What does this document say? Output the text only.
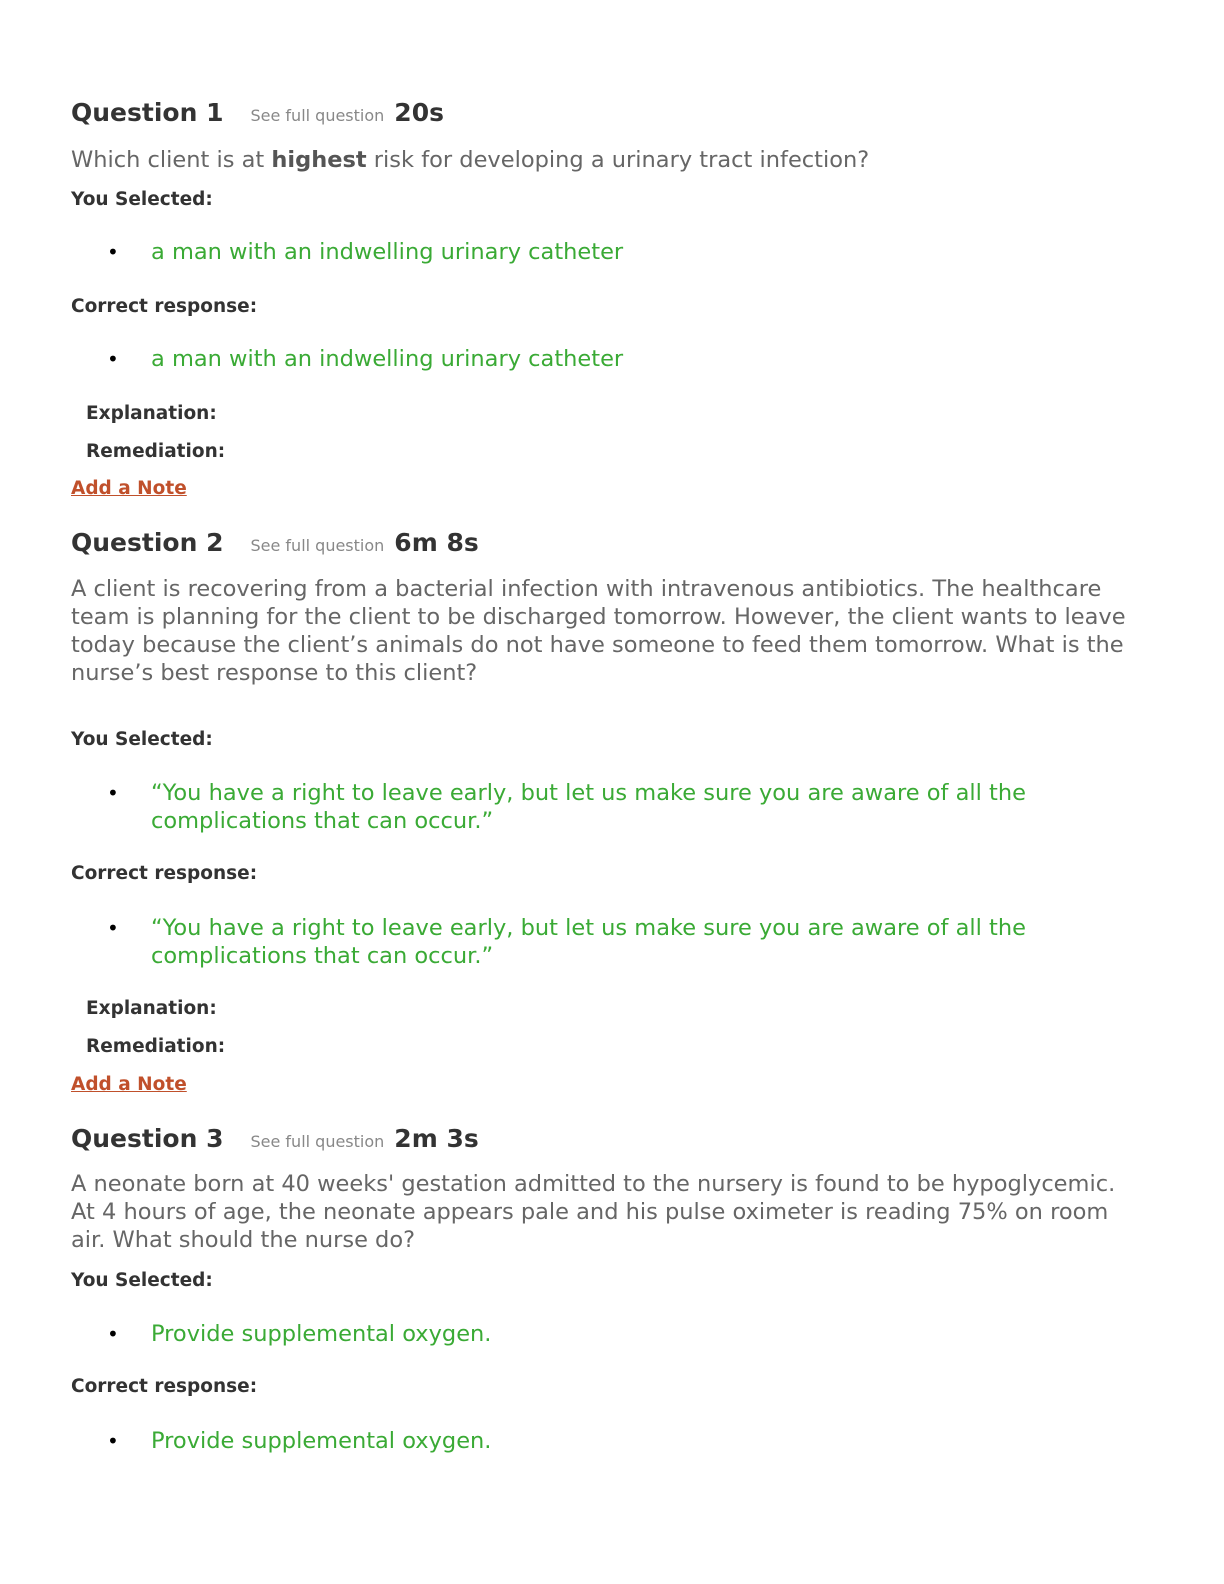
Question 1 See full question 20s

Which client is at highest risk for developing a urinary tract infection?

You Selected:
• a man with an indwelling urinary catheter
Correct response:
• a man with an indwelling urinary catheter
Explanation:
Remediation:
Add a Note
Question 2 See full question 6m 8s

A client is recovering from a bacterial infection with intravenous antibiotics. The healthcare team is planning for the client to be discharged tomorrow. However, the client wants to leave today because the client’s animals do not have someone to feed them tomorrow. What is the nurse’s best response to this client?

You Selected:
• “You have a right to leave early, but let us make sure you are aware of all the
complications that can occur.”
Correct response:
• “You have a right to leave early, but let us make sure you are aware of all the
complications that can occur.”
Explanation:
Remediation:
Add a Note
Question 3 See full question 2m 3s

A neonate born at 40 weeks' gestation admitted to the nursery is found to be hypoglycemic. At 4 hours of age, the neonate appears pale and his pulse oximeter is reading 75% on room air. What should the nurse do?

You Selected:
• Provide supplemental oxygen.
Correct response:
• Provide supplemental oxygen.
